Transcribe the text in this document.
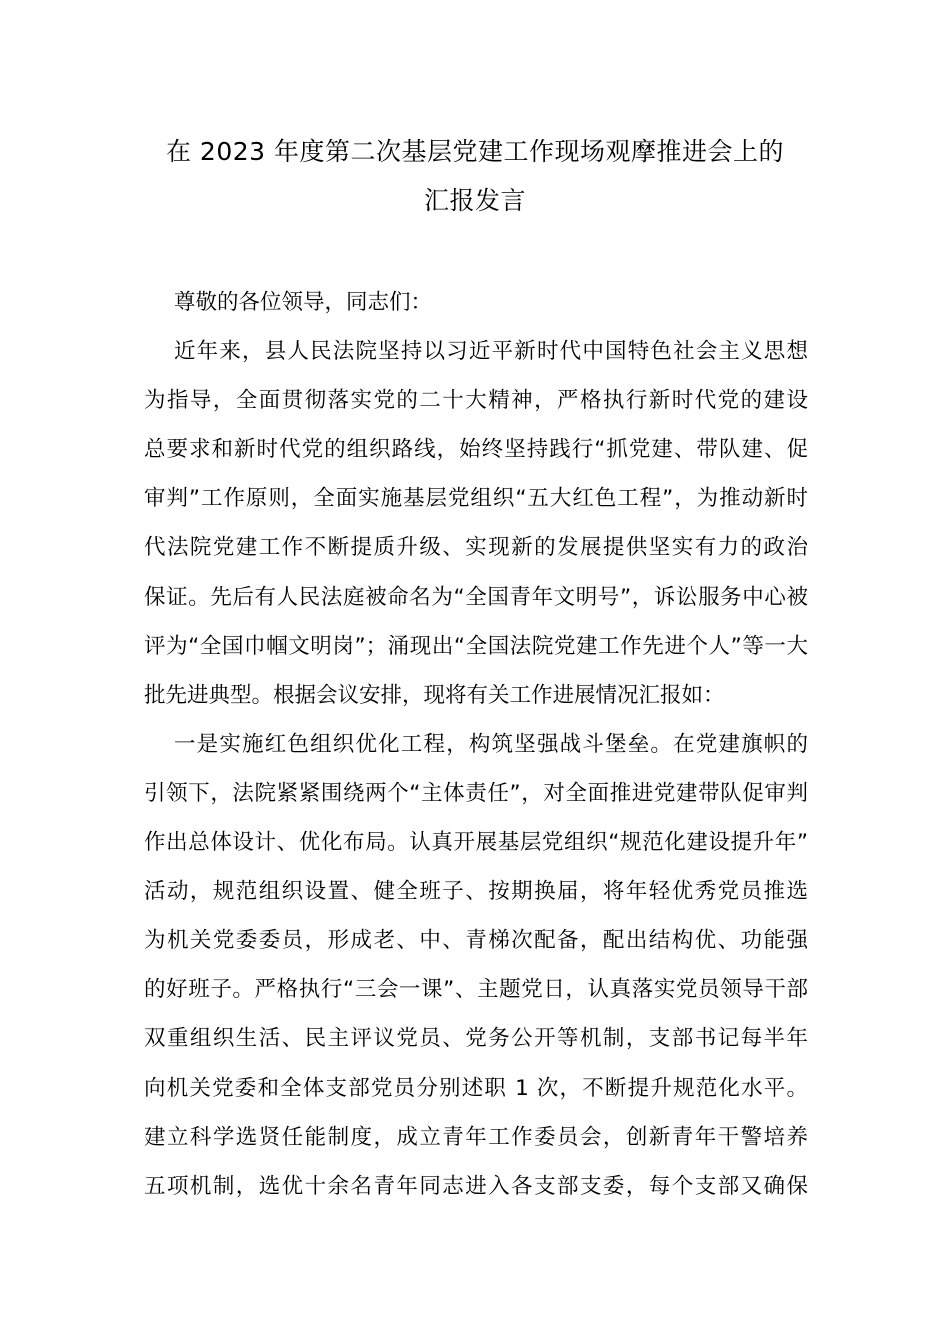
在 2023 年度第二次基层党建工作现场观摩推进会上的
汇报发言
尊敬的各位领导，同志们：
近年来，县人民法院坚持以习近平新时代中国特色社会主义思想
为指导，全面贯彻落实党的二十大精神，严格执行新时代党的建设
总要求和新时代党的组织路线，始终坚持践行“抓党建、带队建、促
审判”工作原则，全面实施基层党组织“五大红色工程”，为推动新时
代法院党建工作不断提质升级、实现新的发展提供坚实有力的政治
保证。先后有人民法庭被命名为“全国青年文明号”，诉讼服务中心被
评为“全国巾帼文明岗”；涌现出“全国法院党建工作先进个人”等一大
批先进典型。根据会议安排，现将有关工作进展情况汇报如：
一是实施红色组织优化工程，构筑坚强战斗堡垒。在党建旗帜的
引领下，法院紧紧围绕两个“主体责任”，对全面推进党建带队促审判
作出总体设计、优化布局。认真开展基层党组织“规范化建设提升年”
活动，规范组织设置、健全班子、按期换届，将年轻优秀党员推选
为机关党委委员，形成老、中、青梯次配备，配出结构优、功能强
的好班子。严格执行“三会一课”、主题党日，认真落实党员领导干部
双重组织生活、民主评议党员、党务公开等机制，支部书记每半年
向机关党委和全体支部党员分别述职 1 次，不断提升规范化水平。
建立科学选贤任能制度，成立青年工作委员会，创新青年干警培养
五项机制，选优十余名青年同志进入各支部支委，每个支部又确保
